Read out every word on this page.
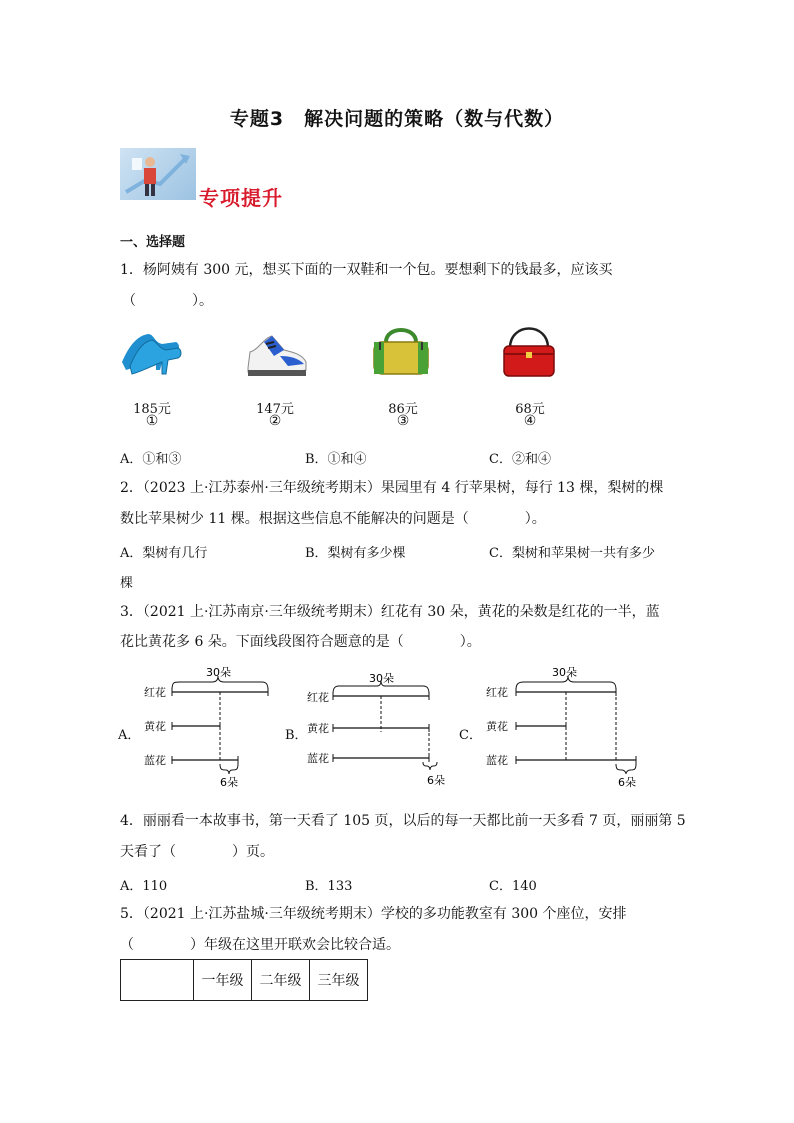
专题3　解决问题的策略（数与代数）
专项提升
一、选择题
1．杨阿姨有 300 元，想买下面的一双鞋和一个包。要想剩下的钱最多，应该买
（　　　　）。
185元
①
147元
②
86元
③
68元
④
A．①和③	B．①和④	C．②和④
2．（2023 上·江苏泰州·三年级统考期末）果园里有 4 行苹果树，每行 13 棵，梨树的棵
数比苹果树少 11 棵。根据这些信息不能解决的问题是（　　　　）。
A．梨树有几行	B．梨树有多少棵	C．梨树和苹果树一共有多少
棵
3．（2021 上·江苏南京·三年级统考期末）红花有 30 朵，黄花的朵数是红花的一半，蓝
花比黄花多 6 朵。下面线段图符合题意的是（　　　　）。
A．
30朵
红花
黄花
蓝花
6朵
B．
30朵
红花
黄花
蓝花
6朵
C．
30朵
红花
黄花
蓝花
6朵
4．丽丽看一本故事书，第一天看了 105 页，以后的每一天都比前一天多看 7 页，丽丽第 5
天看了（　　　　）页。
A．110	B．133	C．140
5．（2021 上·江苏盐城·三年级统考期末）学校的多功能教室有 300 个座位，安排
（　　　　）年级在这里开联欢会比较合适。
	一年级	二年级	三年级
